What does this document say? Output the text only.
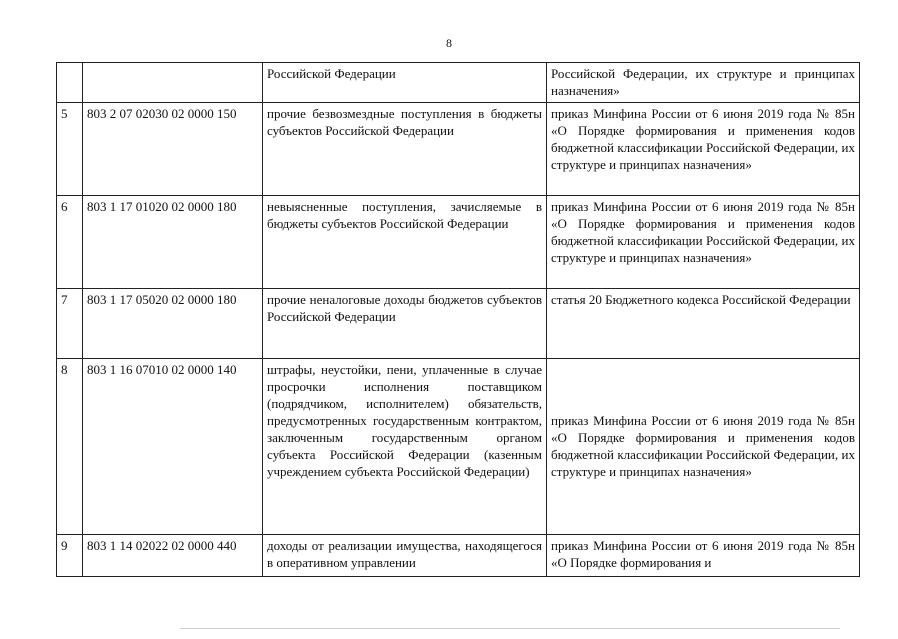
8
		Российской Федерации	Российской Федерации, их структуре и принципах назначения»
5	803 2 07 02030 02 0000 150	прочие безвозмездные поступления в бюджеты субъектов Российской Федерации	приказ Минфина России от 6 июня 2019 года № 85н «О Порядке формирования и применения кодов бюджетной классификации Российской Федерации, их структуре и принципах назначения»
6	803 1 17 01020 02 0000 180	невыясненные поступления, зачисляемые в бюджеты субъектов Российской Федерации	приказ Минфина России от 6 июня 2019 года № 85н «О Порядке формирования и применения кодов бюджетной классификации Российской Федерации, их структуре и принципах назначения»
7	803 1 17 05020 02 0000 180	прочие неналоговые доходы бюджетов субъектов Российской Федерации	статья 20 Бюджетного кодекса Российской Федерации
8	803 1 16 07010 02 0000 140	штрафы, неустойки, пени, уплаченные в случае просрочки исполнения поставщиком (подрядчиком, исполнителем) обязательств, предусмотренных государственным контрактом, заключенным государственным органом субъекта Российской Федерации (казенным учреждением субъекта Российской Федерации)	приказ Минфина России от 6 июня 2019 года № 85н «О Порядке формирования и применения кодов бюджетной классификации Российской Федерации, их структуре и принципах назначения»
9	803 1 14 02022 02 0000 440	доходы от реализации имущества, находящегося в оперативном управлении	приказ Минфина России от 6 июня 2019 года № 85н «О Порядке формирования и
